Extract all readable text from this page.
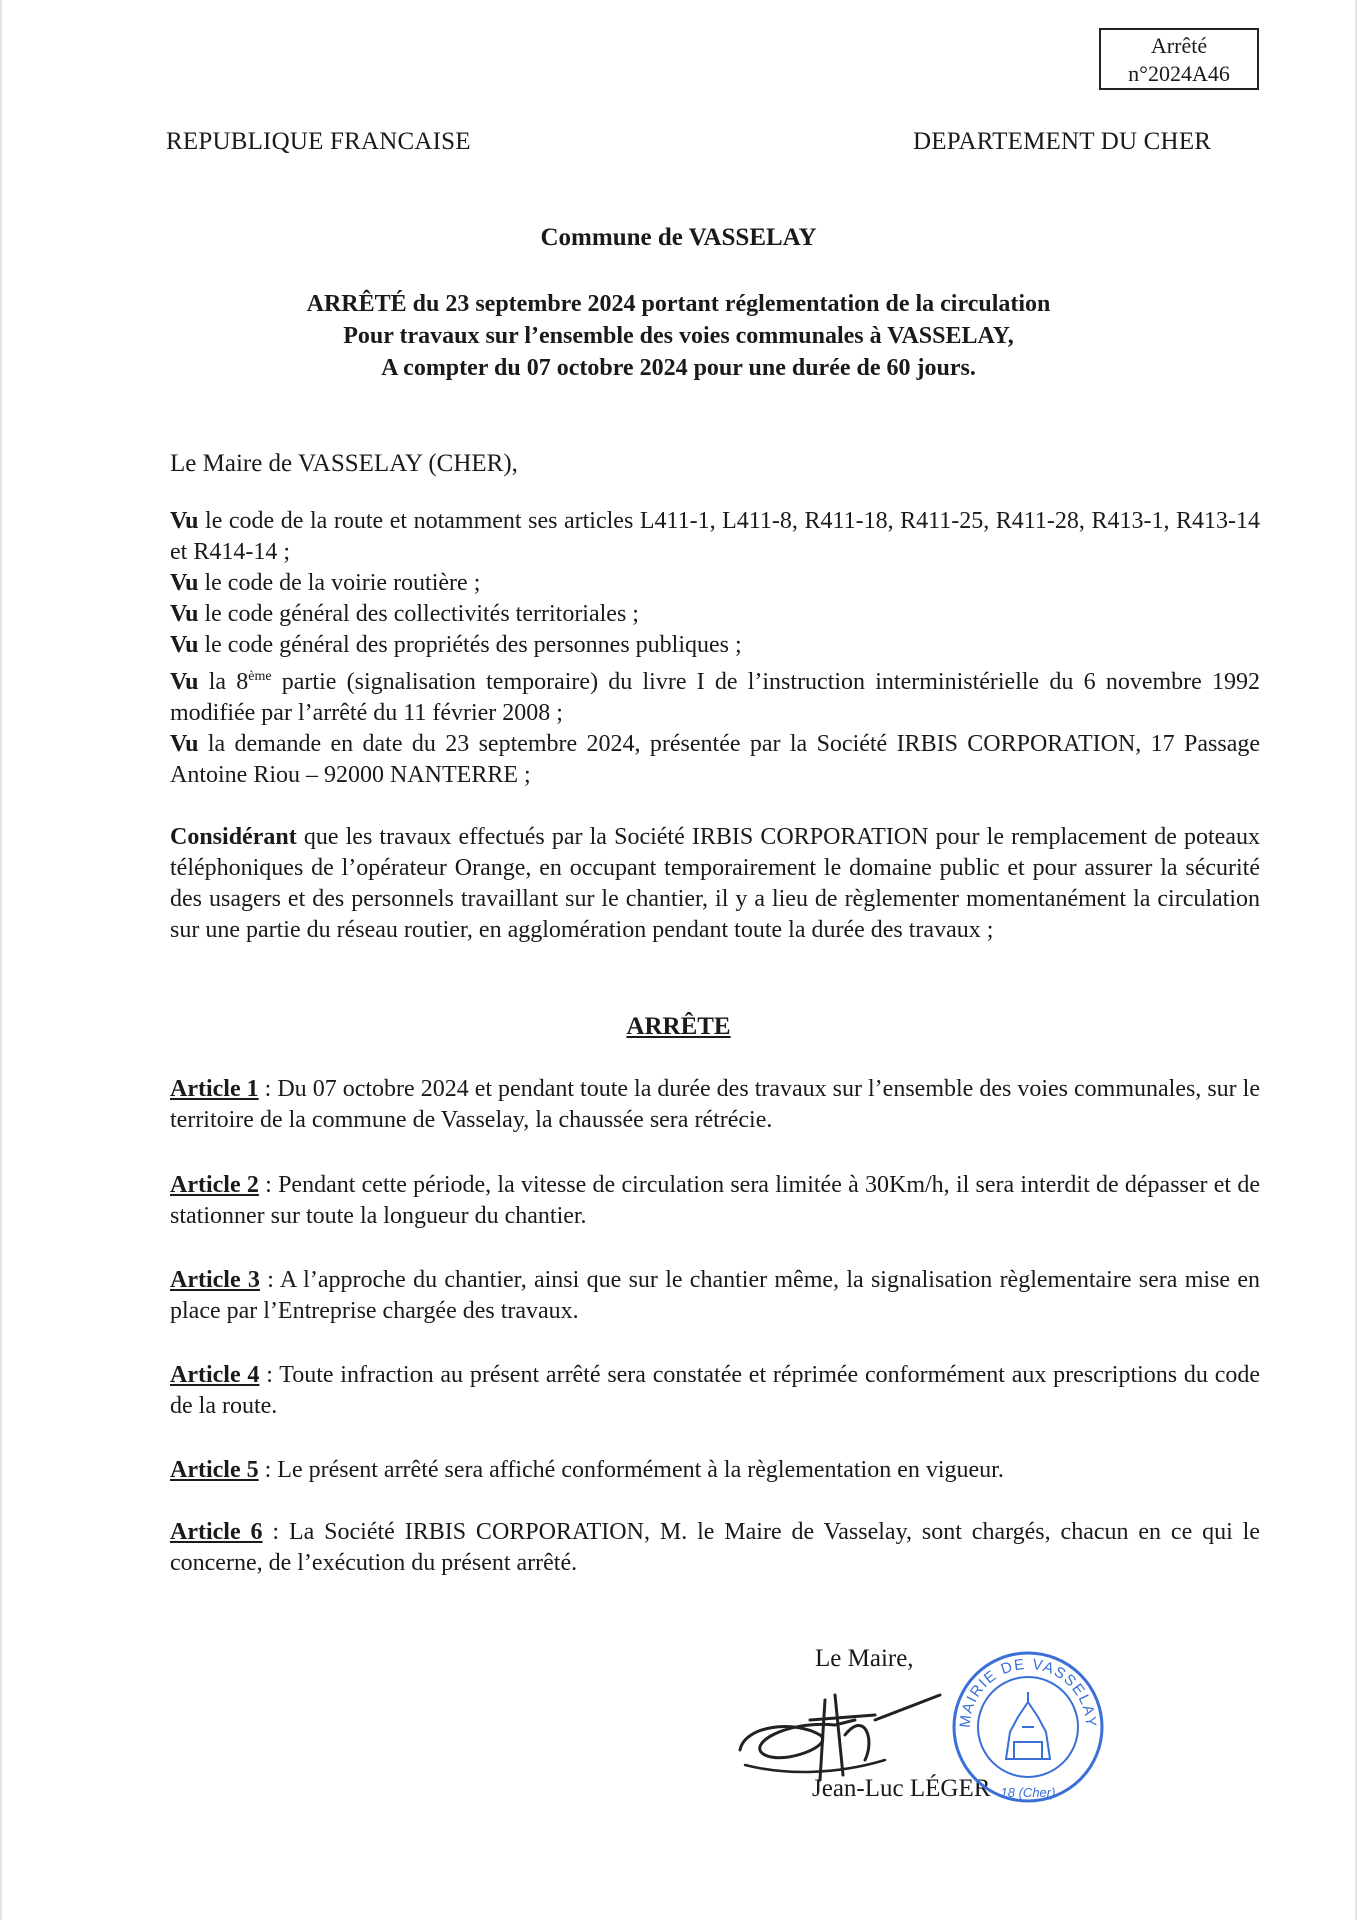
Arrêté
n°2024A46
REPUBLIQUE FRANCAISE	DEPARTEMENT DU CHER
Commune de VASSELAY
ARRÊTÉ du 23 septembre 2024 portant réglementation de la circulation
Pour travaux sur l’ensemble des voies communales à VASSELAY,
A compter du 07 octobre 2024 pour une durée de 60 jours.
Le Maire de VASSELAY (CHER),

Vu le code de la route et notamment ses articles L411-1, L411-8, R411-18, R411-25, R411-28, R413-1, R413-14 et R414-14 ;

Vu le code de la voirie routière ;

Vu le code général des collectivités territoriales ;

Vu le code général des propriétés des personnes publiques ;

Vu la 8ème partie (signalisation temporaire) du livre I de l’instruction interministérielle du 6 novembre 1992 modifiée par l’arrêté du 11 février 2008 ;

Vu la demande en date du 23 septembre 2024, présentée par la Société IRBIS CORPORATION, 17 Passage Antoine Riou – 92000 NANTERRE ;

Considérant que les travaux effectués par la Société IRBIS CORPORATION pour le remplacement de poteaux téléphoniques de l’opérateur Orange, en occupant temporairement le domaine public et pour assurer la sécurité des usagers et des personnels travaillant sur le chantier, il y a lieu de règlementer momentanément la circulation sur une partie du réseau routier, en agglomération pendant toute la durée des travaux ;

ARRÊTE

Article 1 : Du 07 octobre 2024 et pendant toute la durée des travaux sur l’ensemble des voies communales, sur le territoire de la commune de Vasselay, la chaussée sera rétrécie.

Article 2 : Pendant cette période, la vitesse de circulation sera limitée à 30Km/h, il sera interdit de dépasser et de stationner sur toute la longueur du chantier.

Article 3 : A l’approche du chantier, ainsi que sur le chantier même, la signalisation règlementaire sera mise en place par l’Entreprise chargée des travaux.

Article 4 : Toute infraction au présent arrêté sera constatée et réprimée conformément aux prescriptions du code de la route.

Article 5 : Le présent arrêté sera affiché conformément à la règlementation en vigueur.

Article 6 : La Société IRBIS CORPORATION, M. le Maire de Vasselay, sont chargés, chacun en ce qui le concerne, de l’exécution du présent arrêté.

Le Maire,
Jean-Luc LÉGER
MAIRIE DE VASSELAY
18 (Cher)
